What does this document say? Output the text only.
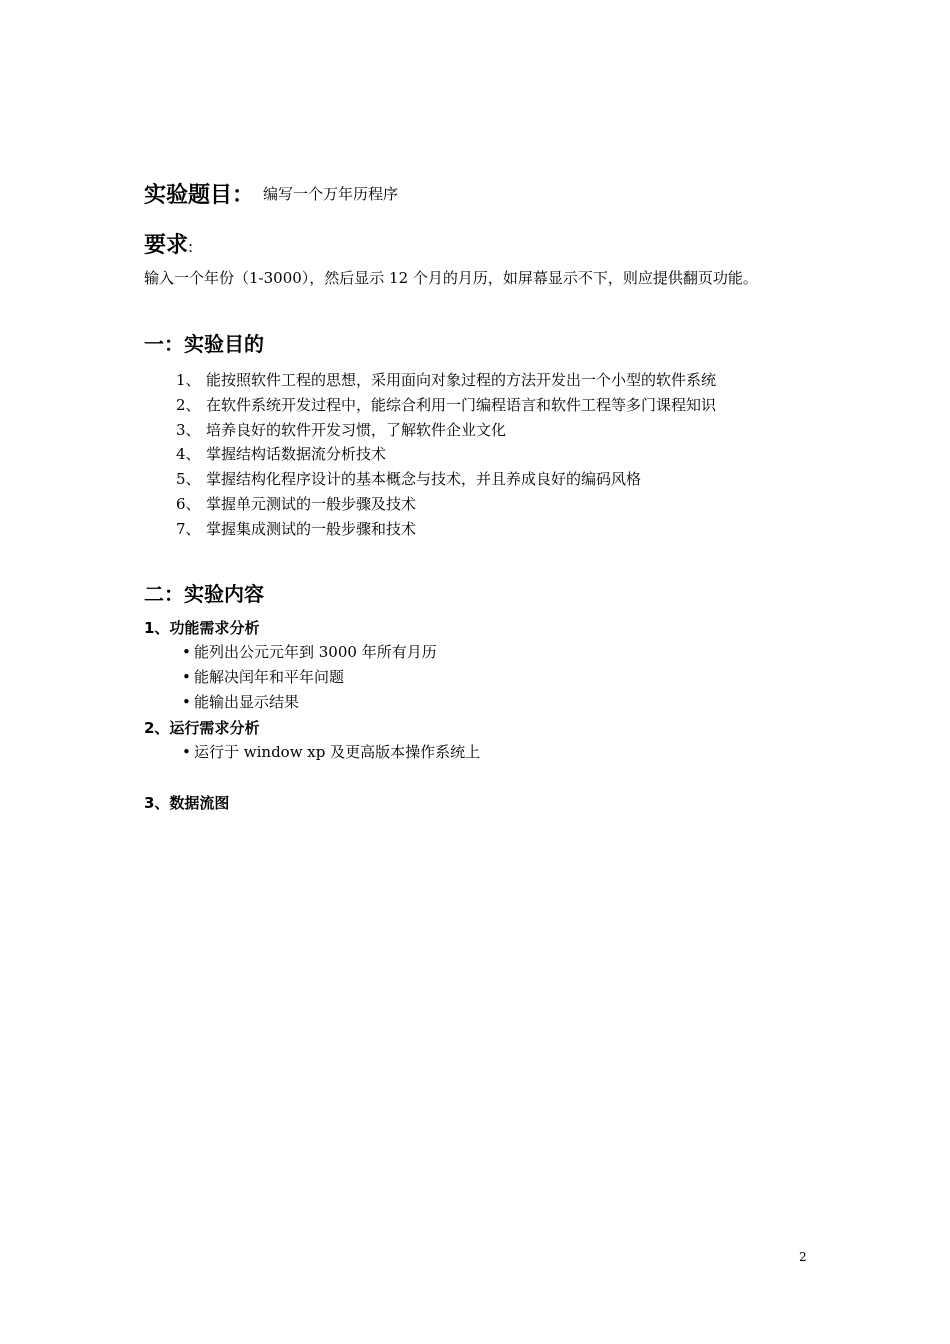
实验题目： 编写一个万年历程序
要求:
输入一个年份（1-3000），然后显示 12 个月的月历，如屏幕显示不下，则应提供翻页功能。
一：实验目的
1、 能按照软件工程的思想，采用面向对象过程的方法开发出一个小型的软件系统
2、 在软件系统开发过程中，能综合利用一门编程语言和软件工程等多门课程知识
3、 培养良好的软件开发习惯，了解软件企业文化
4、 掌握结构话数据流分析技术
5、 掌握结构化程序设计的基本概念与技术，并且养成良好的编码风格
6、 掌握单元测试的一般步骤及技术
7、 掌握集成测试的一般步骤和技术
二：实验内容
1、功能需求分析
• 能列出公元元年到 3000 年所有月历
• 能解决闰年和平年问题
• 能输出显示结果
2、运行需求分析
• 运行于 window xp 及更高版本操作系统上
3、数据流图
2
